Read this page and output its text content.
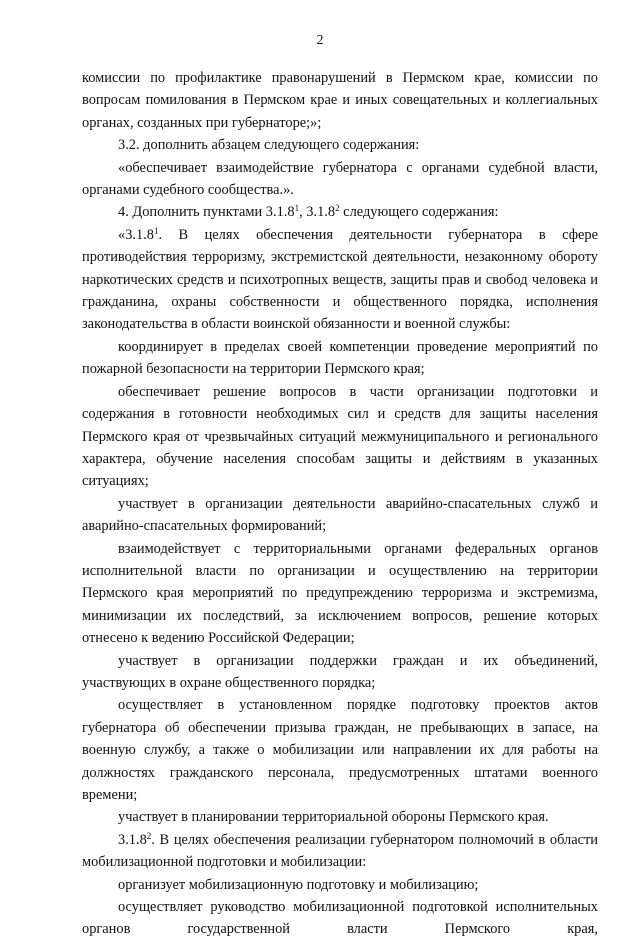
2

комиссии по профилактике правонарушений в Пермском крае, комиссии по вопросам помилования в Пермском крае и иных совещательных и коллегиальных органах, созданных при губернаторе;»;

3.2. дополнить абзацем следующего содержания:

«обеспечивает взаимодействие губернатора с органами судебной власти, органами судебного сообщества.».

4. Дополнить пунктами 3.1.8$^1$, 3.1.8$^2$ следующего содержания:

«3.1.8$^1$. В целях обеспечения деятельности губернатора в сфере противодействия терроризму, экстремистской деятельности, незаконному обороту наркотических средств и психотропных веществ, защиты прав и свобод человека и гражданина, охраны собственности и общественного порядка, исполнения законодательства в области воинской обязанности и военной службы:

координирует в пределах своей компетенции проведение мероприятий по пожарной безопасности на территории Пермского края;

обеспечивает решение вопросов в части организации подготовки и содержания в готовности необходимых сил и средств для защиты населения Пермского края от чрезвычайных ситуаций межмуниципального и регионального характера, обучение населения способам защиты и действиям в указанных ситуациях;

участвует в организации деятельности аварийно-спасательных служб и аварийно-спасательных формирований;

взаимодействует с территориальными органами федеральных органов исполнительной власти по организации и осуществлению на территории Пермского края мероприятий по предупреждению терроризма и экстремизма, минимизации их последствий, за исключением вопросов, решение которых отнесено к ведению Российской Федерации;

участвует в организации поддержки граждан и их объединений, участвующих в охране общественного порядка;

осуществляет в установленном порядке подготовку проектов актов губернатора об обеспечении призыва граждан, не пребывающих в запасе, на военную службу, а также о мобилизации или направлении их для работы на должностях гражданского персонала, предусмотренных штатами военного времени;

участвует в планировании территориальной обороны Пермского края.

3.1.8$^2$. В целях обеспечения реализации губернатором полномочий в области мобилизационной подготовки и мобилизации:

организует мобилизационную подготовку и мобилизацию;

осуществляет руководство мобилизационной подготовкой исполнительных органов государственной власти Пермского края,
